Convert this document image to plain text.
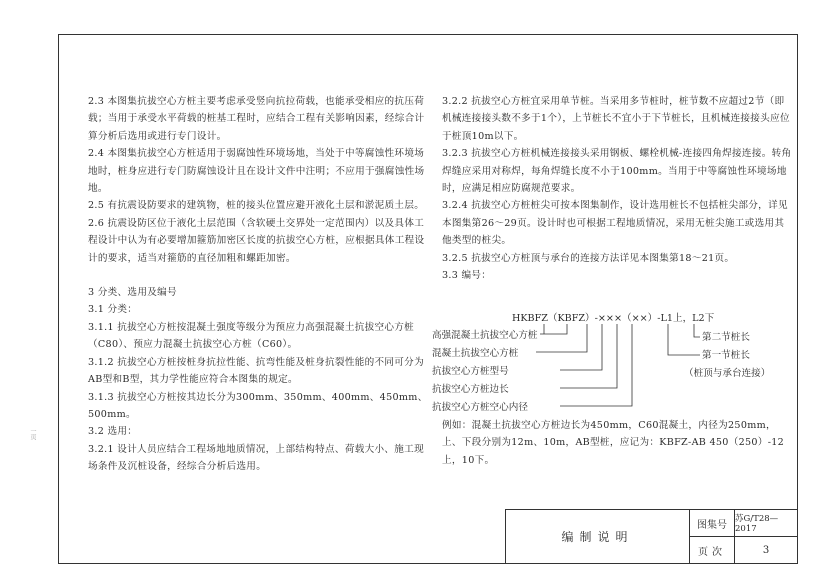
2.3 本图集抗拔空心方桩主要考虑承受竖向抗拉荷载，也能承受相应的抗压荷载；当用于承受水平荷载的桩基工程时，应结合工程有关影响因素，经综合计算分析后选用或进行专门设计。

2.4 本图集抗拔空心方桩适用于弱腐蚀性环境场地，当处于中等腐蚀性环境场地时，桩身应进行专门防腐蚀设计且在设计文件中注明；不应用于强腐蚀性场地。

2.5 有抗震设防要求的建筑物，桩的接头位置应避开液化土层和淤泥质土层。

2.6 抗震设防区位于液化土层范围（含软硬土交界处一定范围内）以及具体工程设计中认为有必要增加箍筋加密区长度的抗拔空心方桩，应根据具体工程设计的要求，适当对箍筋的直径加粗和螺距加密。

3 分类、选用及编号

3.1 分类：

3.1.1 抗拔空心方桩按混凝土强度等级分为预应力高强混凝土抗拔空心方桩（C80）、预应力混凝土抗拔空心方桩（C60）。

3.1.2 抗拔空心方桩按桩身抗拉性能、抗弯性能及桩身抗裂性能的不同可分为AB型和B型，其力学性能应符合本图集的规定。

3.1.3 抗拔空心方桩按其边长分为300mm、350mm、400mm、450mm、500mm。

3.2 选用：

3.2.1 设计人员应结合工程场地地质情况，上部结构特点、荷载大小、施工现场条件及沉桩设备，经综合分析后选用。

3.2.2 抗拔空心方桩宜采用单节桩。当采用多节桩时，桩节数不应超过2节（即机械连接接头数不多于1个），上节桩长不宜小于下节桩长，且机械连接接头应位于桩顶10m以下。

3.2.3 抗拔空心方桩机械连接接头采用钢板、螺栓机械-连接四角焊接连接。转角焊缝应采用对称焊，每角焊缝长度不小于100mm。当用于中等腐蚀性环境场地时，应满足相应防腐规范要求。

3.2.4 抗拔空心方桩桩尖可按本图集制作，设计选用桩长不包括桩尖部分，详见本图集第26～29页。设计时也可根据工程地质情况，采用无桩尖施工或选用其他类型的桩尖。

3.2.5 抗拔空心方桩顶与承台的连接方法详见本图集第18～21页。

3.3 编号：

HKBFZ（KBFZ）-×××（××）-L1上，L2下
高强混凝土抗拔空心方桩
混凝土抗拔空心方桩
抗拔空心方桩型号
抗拔空心方桩边长
抗拔空心方桩空心内径
第二节桩长
第一节桩长
（桩顶与承台连接）
例如：混凝土抗拔空心方桩边长为450mm，C60混凝土，内径为250mm，上、下段分别为12m、10m，AB型桩，应记为：KBFZ-AB 450（250）-12上，10下。
编制说明
图集号
苏G/T28—2017
页次	3
一页
